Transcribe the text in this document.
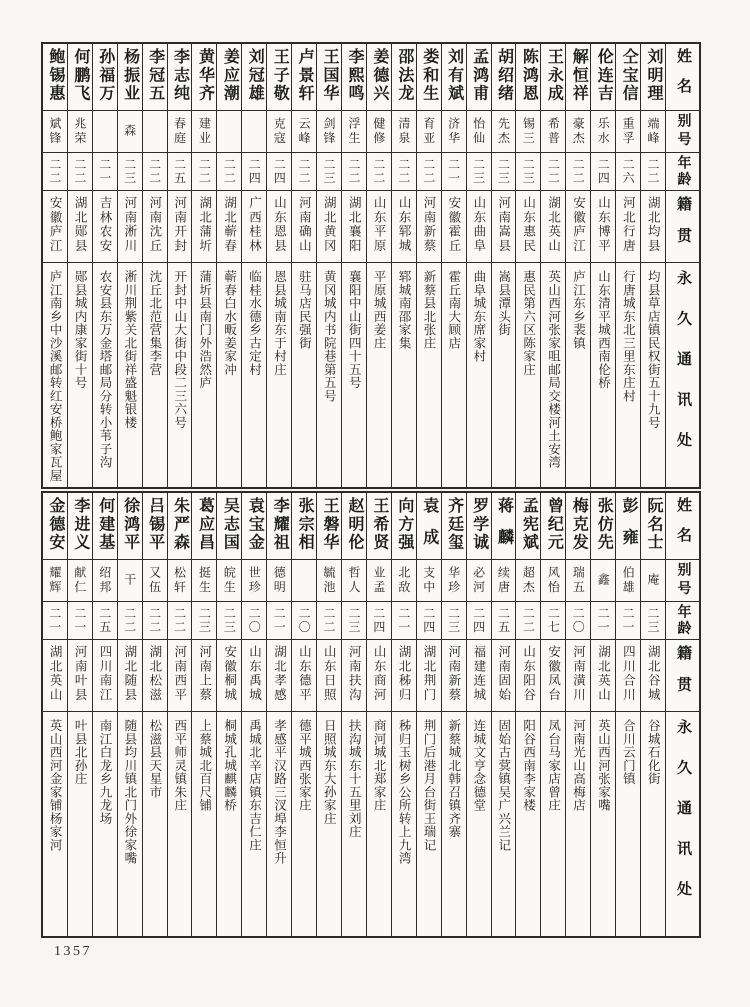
姓名
别号
年龄
籍贯
永久通讯处
刘明理
端峰
二二
湖北均县
均县草店镇民权街五十九号
仝宝信
重孚
二六
河北行唐
行唐城东北三里东庄村
伦连吉
乐水
二四
山东博平
山东清平城西南伦桥
解恒祥
豪杰
二二
安徽庐江
庐江东乡裴镇
王永成
希普
二二
湖北英山
英山西河张家咀邮局交楼河土安湾
陈鸿恩
锡三
二三
山东惠民
惠民第六区陈家庄
胡绍绪
先杰
二三
河南嵩县
嵩县潭头街
孟鸿甫
怡仙
二三
山东曲阜
曲阜城东席家村
刘有斌
济华
二一
安徽霍丘
霍丘南大顾店
娄和生
育亚
二二
河南新蔡
新蔡县北张庄
邵法龙
清泉
二二
山东郓城
郓城南邵家集
姜德兴
健修
二二
山东平原
平原城西姜庄
李熙鸣
浮生
二二
湖北襄阳
襄阳中山街四十五号
王国华
剑锋
二三
湖北黄冈
黄冈城内书院巷第五号
卢景轩
云峰
二二
河南确山
驻马店民强街
王子敬
克寇
二四
山东恩县
恩县城南东于村庄
刘冠雄
二四
广西桂林
临桂水德乡古定村
姜应潮
二二
湖北蕲春
蕲春白水畈姜家冲
黄华齐
建业
二二
湖北蒲圻
蒲圻县南门外浩然庐
李志纯
春庭
二五
河南开封
开封中山大街中段二三六号
李冠五
二二
河南沈丘
沈丘北范营集李营
杨振业
森
二三
河南淅川
淅川荆紫关北街祥盛魁银楼
孙福万
二一
吉林农安
农安县东万金塔邮局分转小苇子沟
何鹏飞
兆荣
二二
湖北郧县
郧县城内康家街十号
鲍锡惠
斌锋
二二
安徽庐江
庐江南乡中沙溪邮转红安桥鲍家瓦屋
姓名
别号
年龄
籍贯
永久通讯处
阮名士
庵
二三
湖北谷城
谷城石化街
彭雍
伯雄
二一
四川合川
合川云门镇
张仿先
鑫
二一
湖北英山
英山西河张家嘴
梅克发
瑞五
二〇
河南潢川
河南光山高梅店
曾纪元
风怡
二七
安徽凤台
凤台马家店曾庄
孟宪斌
超杰
二二
山东阳谷
阳谷西南李家楼
蒋麟
续唐
二五
河南固始
固始古蓂镇吴广兴兰记
罗学诚
必河
二四
福建连城
连城文亨念德堂
齐廷玺
华珍
二三
河南新蔡
新蔡城北韩召镇齐寨
袁成
支中
二四
湖北荆门
荆门后港月台街王瑞记
向方强
北敌
二一
湖北秭归
秭归玉树乡公所转上九湾
王希贤
业孟
二四
山东商河
商河城北郑家庄
赵明伦
哲人
二三
河南扶沟
扶沟城东十五里刘庄
王磐华
毓池
二二
山东日照
日照城东大孙家庄
张宗相
二〇
山东德平
德平城西张家庄
李耀祖
德明
二一
湖北孝感
孝感平汉路三汊埠李恒升
袁宝金
世珍
二〇
山东禹城
禹城北辛店镇东吉仁庄
吴志国
皖生
二三
安徽桐城
桐城孔城麒麟桥
葛应昌
挺生
二三
河南上蔡
上蔡城北百尺铺
朱严森
松轩
二二
河南西平
西平师灵镇朱庄
吕锡平
又伍
二二
湖北松滋
松滋县天星市
徐鸿平
干
二二
湖北随县
随县均川镇北门外徐家嘴
何建基
绍邦
二五
四川南江
南江白龙乡九龙场
李进义
献仁
二一
河南叶县
叶县北孙庄
金德安
耀辉
二一
湖北英山
英山西河金家铺杨家河
1357
